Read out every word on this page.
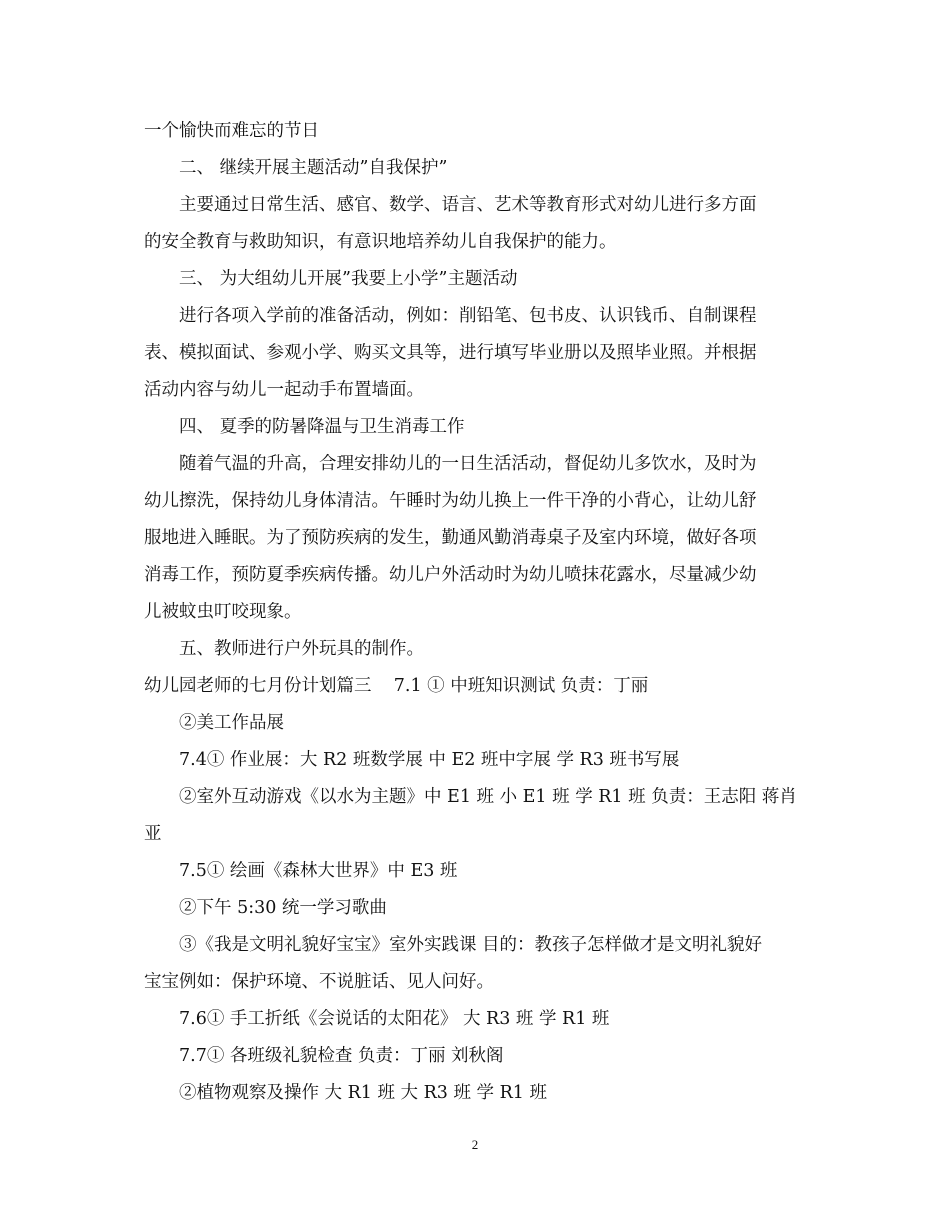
一个愉快而难忘的节日

二、 继续开展主题活动”自我保护”

主要通过日常生活、感官、数学、语言、艺术等教育形式对幼儿进行多方面

的安全教育与救助知识，有意识地培养幼儿自我保护的能力。

三、 为大组幼儿开展”我要上小学”主题活动

进行各项入学前的准备活动，例如：削铅笔、包书皮、认识钱币、自制课程

表、模拟面试、参观小学、购买文具等，进行填写毕业册以及照毕业照。并根据

活动内容与幼儿一起动手布置墙面。

四、 夏季的防暑降温与卫生消毒工作

随着气温的升高，合理安排幼儿的一日生活活动，督促幼儿多饮水，及时为

幼儿擦洗，保持幼儿身体清洁。午睡时为幼儿换上一件干净的小背心，让幼儿舒

服地进入睡眠。为了预防疾病的发生，勤通风勤消毒桌子及室内环境，做好各项

消毒工作，预防夏季疾病传播。幼儿户外活动时为幼儿喷抹花露水，尽量减少幼

儿被蚊虫叮咬现象。

五、教师进行户外玩具的制作。

幼儿园老师的七月份计划篇三    7.1 ① 中班知识测试 负责：丁丽

②美工作品展

7.4① 作业展：大 R2 班数学展 中 E2 班中字展 学 R3 班书写展

②室外互动游戏《以水为主题》中 E1 班 小 E1 班 学 R1 班 负责：王志阳 蒋肖

亚

7.5① 绘画《森林大世界》中 E3 班

②下午 5:30 统一学习歌曲

③《我是文明礼貌好宝宝》室外实践课 目的：教孩子怎样做才是文明礼貌好

宝宝例如：保护环境、不说脏话、见人问好。

7.6① 手工折纸《会说话的太阳花》 大 R3 班 学 R1 班

7.7① 各班级礼貌检查 负责：丁丽 刘秋阁

②植物观察及操作 大 R1 班 大 R3 班 学 R1 班

2
